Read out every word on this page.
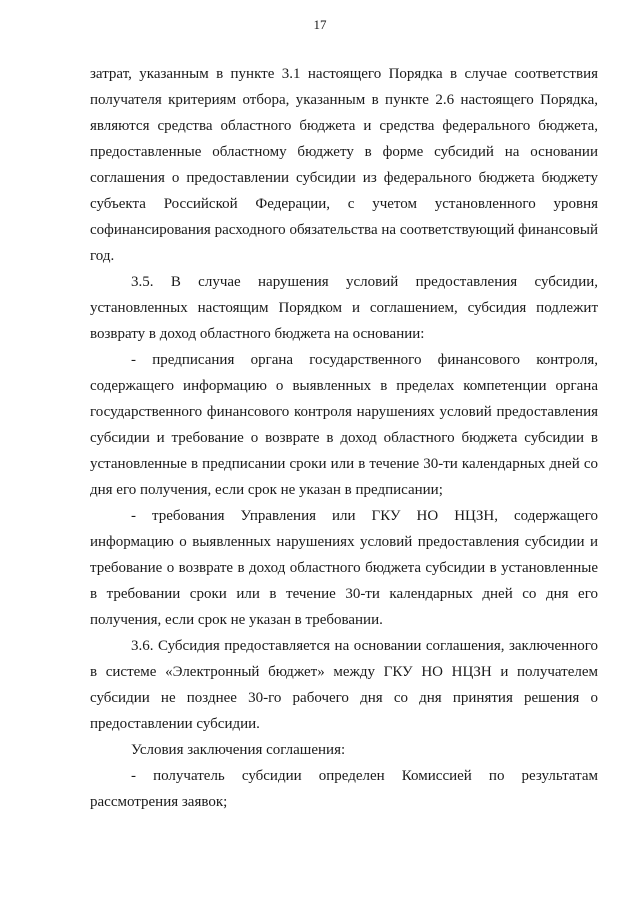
17

затрат, указанным в пункте 3.1 настоящего Порядка в случае соответствия получателя критериям отбора, указанным в пункте 2.6 настоящего Порядка, являются средства областного бюджета и средства федерального бюджета, предоставленные областному бюджету в форме субсидий на основании соглашения о предоставлении субсидии из федерального бюджета бюджету субъекта Российской Федерации, с учетом установленного уровня софинансирования расходного обязательства на соответствующий финансовый год.

3.5. В случае нарушения условий предоставления субсидии, установленных настоящим Порядком и соглашением, субсидия подлежит возврату в доход областного бюджета на основании:

- предписания органа государственного финансового контроля, содержащего информацию о выявленных в пределах компетенции органа государственного финансового контроля нарушениях условий предоставления субсидии и требование о возврате в доход областного бюджета субсидии в установленные в предписании сроки или в течение 30-ти календарных дней со дня его получения, если срок не указан в предписании;

- требования Управления или ГКУ НО НЦЗН, содержащего информацию о выявленных нарушениях условий предоставления субсидии и требование о возврате в доход областного бюджета субсидии в установленные в требовании сроки или в течение 30-ти календарных дней со дня его получения, если срок не указан в требовании.

3.6. Субсидия предоставляется на основании соглашения, заключенного в системе «Электронный бюджет» между ГКУ НО НЦЗН и получателем субсидии не позднее 30-го рабочего дня со дня принятия решения о предоставлении субсидии.

Условия заключения соглашения:

- получатель субсидии определен Комиссией по результатам рассмотрения заявок;
